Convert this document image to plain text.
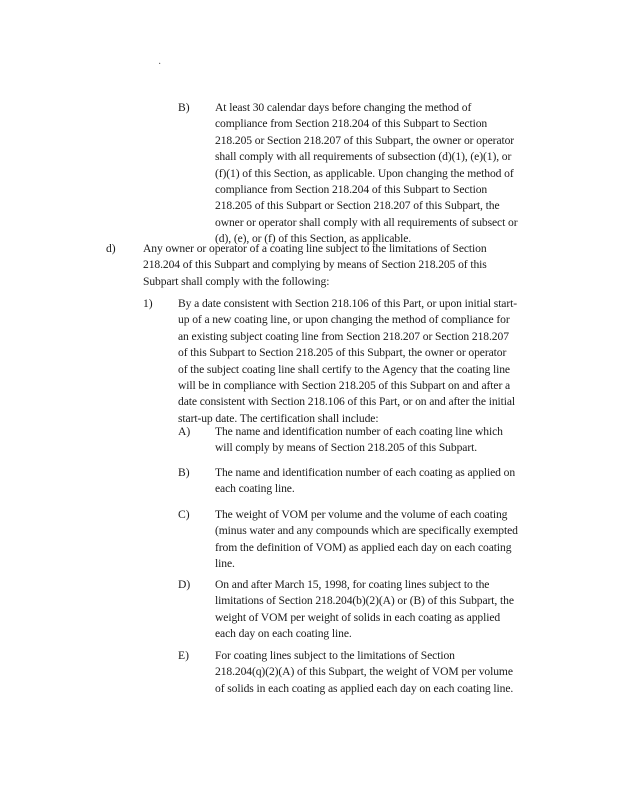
·
B) At least 30 calendar days before changing the method of
compliance from Section 218.204 of this Subpart to Section
218.205 or Section 218.207 of this Subpart, the owner or operator
shall comply with all requirements of subsection (d)(1), (e)(1), or
(f)(1) of this Section, as applicable. Upon changing the method of
compliance from Section 218.204 of this Subpart to Section
218.205 of this Subpart or Section 218.207 of this Subpart, the
owner or operator shall comply with all requirements of subsect or
(d), (e), or (f) of this Section, as applicable.
d) Any owner or operator of a coating line subject to the limitations of Section
218.204 of this Subpart and complying by means of Section 218.205 of this
Subpart shall comply with the following:
1) By a date consistent with Section 218.106 of this Part, or upon initial start-
up of a new coating line, or upon changing the method of compliance for
an existing subject coating line from Section 218.207 or Section 218.207
of this Subpart to Section 218.205 of this Subpart, the owner or operator
of the subject coating line shall certify to the Agency that the coating line
will be in compliance with Section 218.205 of this Subpart on and after a
date consistent with Section 218.106 of this Part, or on and after the initial
start-up date. The certification shall include:
A) The name and identification number of each coating line which
will comply by means of Section 218.205 of this Subpart.
B) The name and identification number of each coating as applied on
each coating line.
C) The weight of VOM per volume and the volume of each coating
(minus water and any compounds which are specifically exempted
from the definition of VOM) as applied each day on each coating
line.
D) On and after March 15, 1998, for coating lines subject to the
limitations of Section 218.204(b)(2)(A) or (B) of this Subpart, the
weight of VOM per weight of solids in each coating as applied
each day on each coating line.
E) For coating lines subject to the limitations of Section
218.204(q)(2)(A) of this Subpart, the weight of VOM per volume
of solids in each coating as applied each day on each coating line.
